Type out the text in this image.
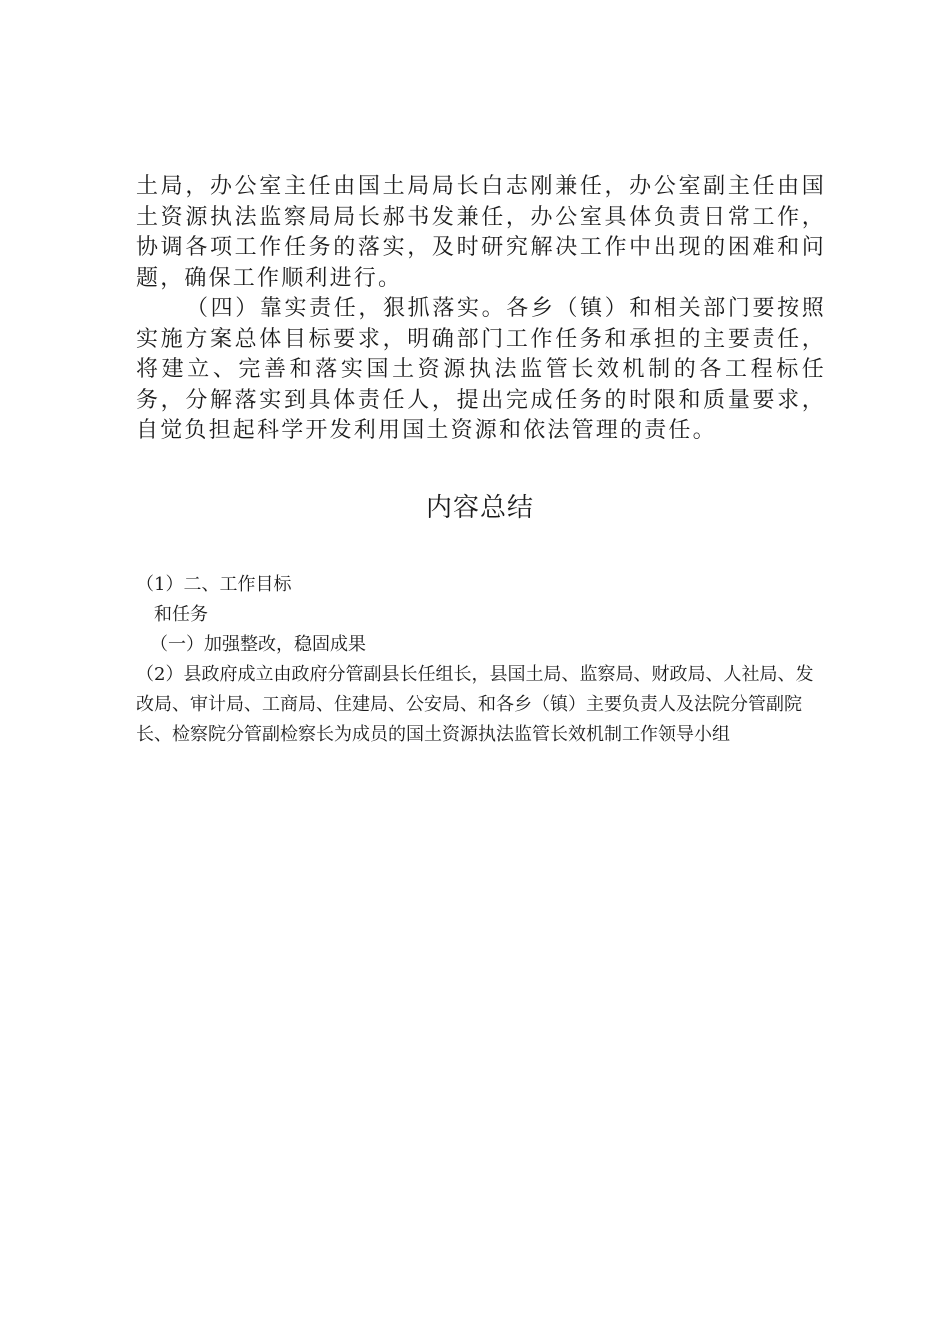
土局，办公室主任由国土局局长白志刚兼任，办公室副主任由国土资源执法监察局局长郝书发兼任，办公室具体负责日常工作，协调各项工作任务的落实，及时研究解决工作中出现的困难和问题，确保工作顺利进行。

（四）靠实责任，狠抓落实。各乡（镇）和相关部门要按照实施方案总体目标要求，明确部门工作任务和承担的主要责任，将建立、完善和落实国土资源执法监管长效机制的各工程标任务，分解落实到具体责任人，提出完成任务的时限和质量要求，自觉负担起科学开发利用国土资源和依法管理的责任。

内容总结

（1）二、工作目标

和任务

（一）加强整改，稳固成果

（2）县政府成立由政府分管副县长任组长，县国土局、监察局、财政局、人社局、发改局、审计局、工商局、住建局、公安局、和各乡（镇）主要负责人及法院分管副院长、检察院分管副检察长为成员的国土资源执法监管长效机制工作领导小组
